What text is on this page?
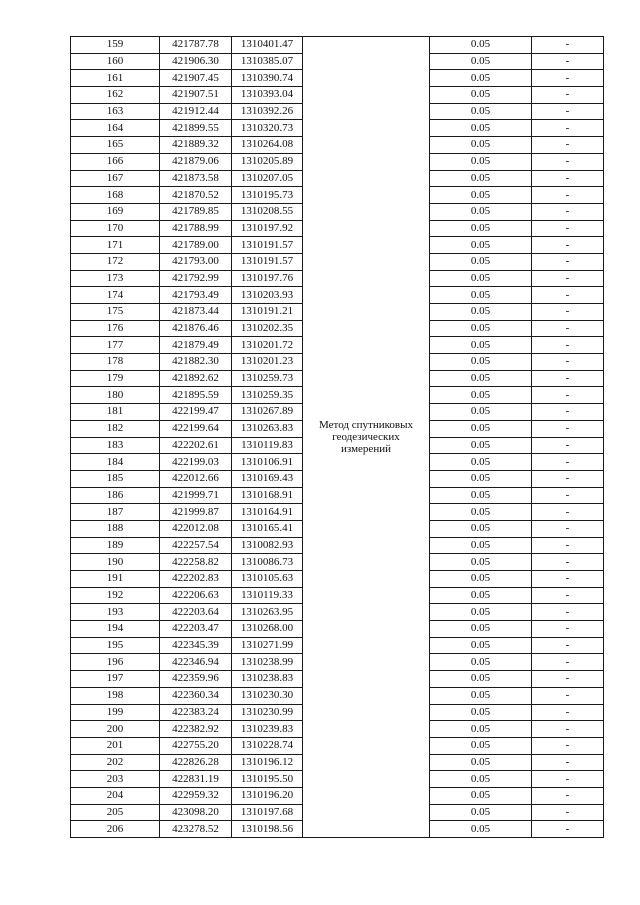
159	421787.78	1310401.47	Метод спутниковых геодезических измерений	0.05	-
160	421906.30	1310385.07		0.05	-
161	421907.45	1310390.74		0.05	-
162	421907.51	1310393.04		0.05	-
163	421912.44	1310392.26		0.05	-
164	421899.55	1310320.73		0.05	-
165	421889.32	1310264.08		0.05	-
166	421879.06	1310205.89		0.05	-
167	421873.58	1310207.05		0.05	-
168	421870.52	1310195.73		0.05	-
169	421789.85	1310208.55		0.05	-
170	421788.99	1310197.92		0.05	-
171	421789.00	1310191.57		0.05	-
172	421793.00	1310191.57		0.05	-
173	421792.99	1310197.76		0.05	-
174	421793.49	1310203.93		0.05	-
175	421873.44	1310191.21		0.05	-
176	421876.46	1310202.35		0.05	-
177	421879.49	1310201.72		0.05	-
178	421882.30	1310201.23		0.05	-
179	421892.62	1310259.73		0.05	-
180	421895.59	1310259.35		0.05	-
181	422199.47	1310267.89		0.05	-
182	422199.64	1310263.83		0.05	-
183	422202.61	1310119.83		0.05	-
184	422199.03	1310106.91		0.05	-
185	422012.66	1310169.43		0.05	-
186	421999.71	1310168.91		0.05	-
187	421999.87	1310164.91		0.05	-
188	422012.08	1310165.41		0.05	-
189	422257.54	1310082.93		0.05	-
190	422258.82	1310086.73		0.05	-
191	422202.83	1310105.63		0.05	-
192	422206.63	1310119.33		0.05	-
193	422203.64	1310263.95		0.05	-
194	422203.47	1310268.00		0.05	-
195	422345.39	1310271.99		0.05	-
196	422346.94	1310238.99		0.05	-
197	422359.96	1310238.83		0.05	-
198	422360.34	1310230.30		0.05	-
199	422383.24	1310230.99		0.05	-
200	422382.92	1310239.83		0.05	-
201	422755.20	1310228.74		0.05	-
202	422826.28	1310196.12		0.05	-
203	422831.19	1310195.50		0.05	-
204	422959.32	1310196.20		0.05	-
205	423098.20	1310197.68		0.05	-
206	423278.52	1310198.56		0.05	-
